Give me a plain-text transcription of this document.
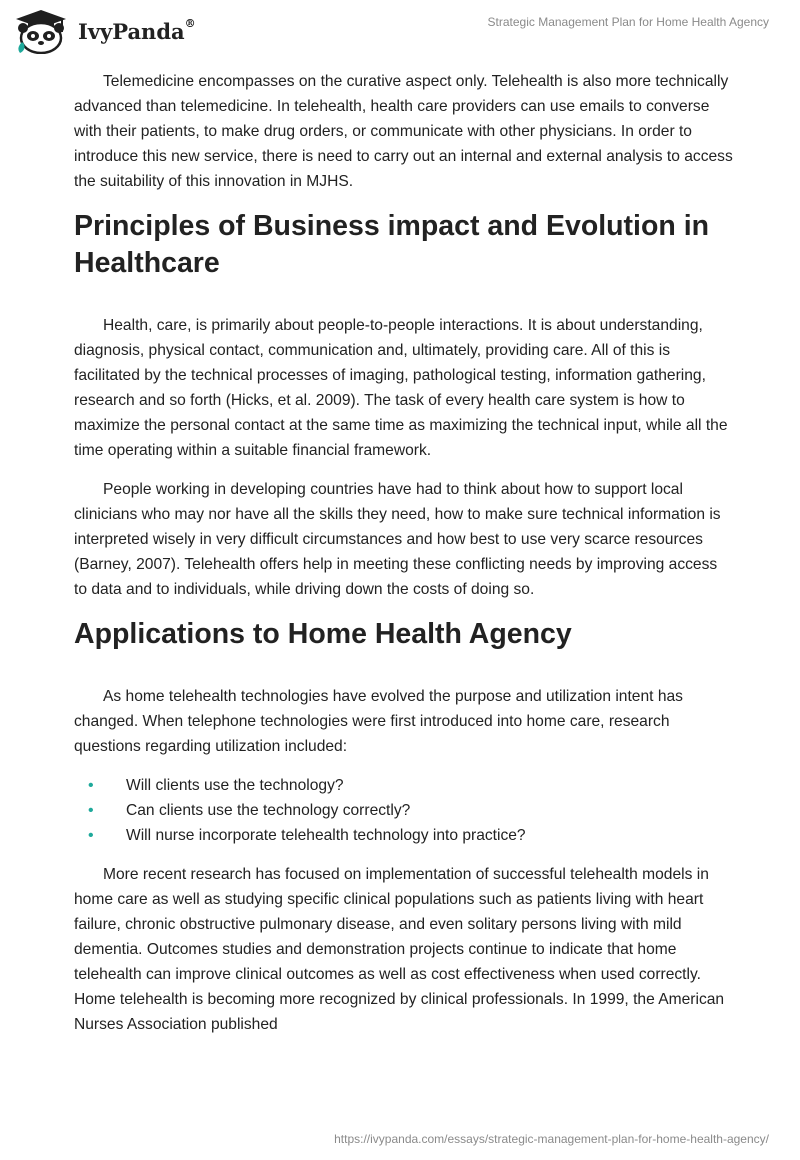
IvyPanda®	Strategic Management Plan for Home Health Agency

Telemedicine encompasses on the curative aspect only. Telehealth is also more technically advanced than telemedicine. In telehealth, health care providers can use emails to converse with their patients, to make drug orders, or communicate with other physicians. In order to introduce this new service, there is need to carry out an internal and external analysis to access the suitability of this innovation in MJHS.

Principles of Business impact and Evolution in Healthcare

Health, care, is primarily about people-to-people interactions. It is about understanding, diagnosis, physical contact, communication and, ultimately, providing care. All of this is facilitated by the technical processes of imaging, pathological testing, information gathering, research and so forth (Hicks, et al. 2009). The task of every health care system is how to maximize the personal contact at the same time as maximizing the technical input, while all the time operating within a suitable financial framework.

People working in developing countries have had to think about how to support local clinicians who may nor have all the skills they need, how to make sure technical information is interpreted wisely in very difficult circumstances and how best to use very scarce resources (Barney, 2007). Telehealth offers help in meeting these conflicting needs by improving access to data and to individuals, while driving down the costs of doing so.

Applications to Home Health Agency

As home telehealth technologies have evolved the purpose and utilization intent has changed. When telephone technologies were first introduced into home care, research questions regarding utilization included:

• Will clients use the technology?
• Can clients use the technology correctly?
• Will nurse incorporate telehealth technology into practice?

More recent research has focused on implementation of successful telehealth models in home care as well as studying specific clinical populations such as patients living with heart failure, chronic obstructive pulmonary disease, and even solitary persons living with mild dementia. Outcomes studies and demonstration projects continue to indicate that home telehealth can improve clinical outcomes as well as cost effectiveness when used correctly. Home telehealth is becoming more recognized by clinical professionals. In 1999, the American Nurses Association published

https://ivypanda.com/essays/strategic-management-plan-for-home-health-agency/
